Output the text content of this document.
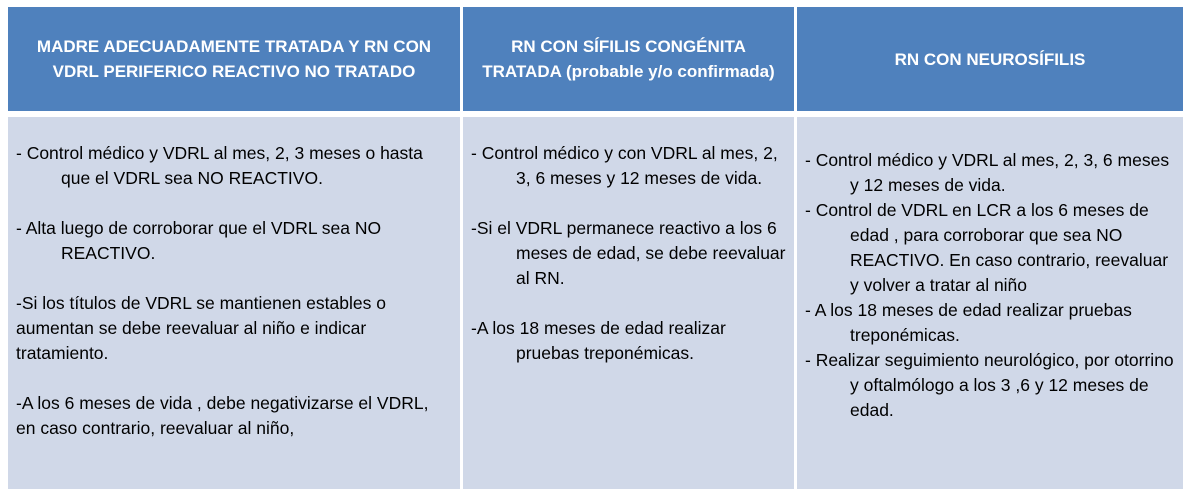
MADRE ADECUADAMENTE TRATADA Y RN CON VDRL PERIFERICO REACTIVO NO TRATADO
RN CON SÍFILIS CONGÉNITA TRATADA (probable y/o confirmada)
RN CON NEUROSÍFILIS

- Control médico y VDRL al mes, 2, 3 meses o hasta que el VDRL sea NO REACTIVO.

- Alta luego de corroborar que el VDRL sea NO REACTIVO.

-Si los títulos de VDRL se mantienen estables o aumentan se debe reevaluar al niño e indicar tratamiento.

-A los 6 meses de vida , debe negativizarse el VDRL, en caso contrario, reevaluar al niño,

- Control médico y con VDRL al mes, 2, 3, 6 meses y 12 meses de vida.

-Si el VDRL permanece reactivo a los 6 meses de edad, se debe reevaluar al RN.

-A los 18 meses de edad realizar pruebas treponémicas.

- Control médico y VDRL al mes, 2, 3, 6 meses y 12 meses de vida.

- Control de VDRL en LCR a los 6 meses de edad , para corroborar que sea NO REACTIVO. En caso contrario, reevaluar y volver a tratar al niño

- A los 18 meses de edad realizar pruebas treponémicas.

- Realizar seguimiento neurológico, por otorrino y oftalmólogo a los 3 ,6 y 12 meses de edad.
